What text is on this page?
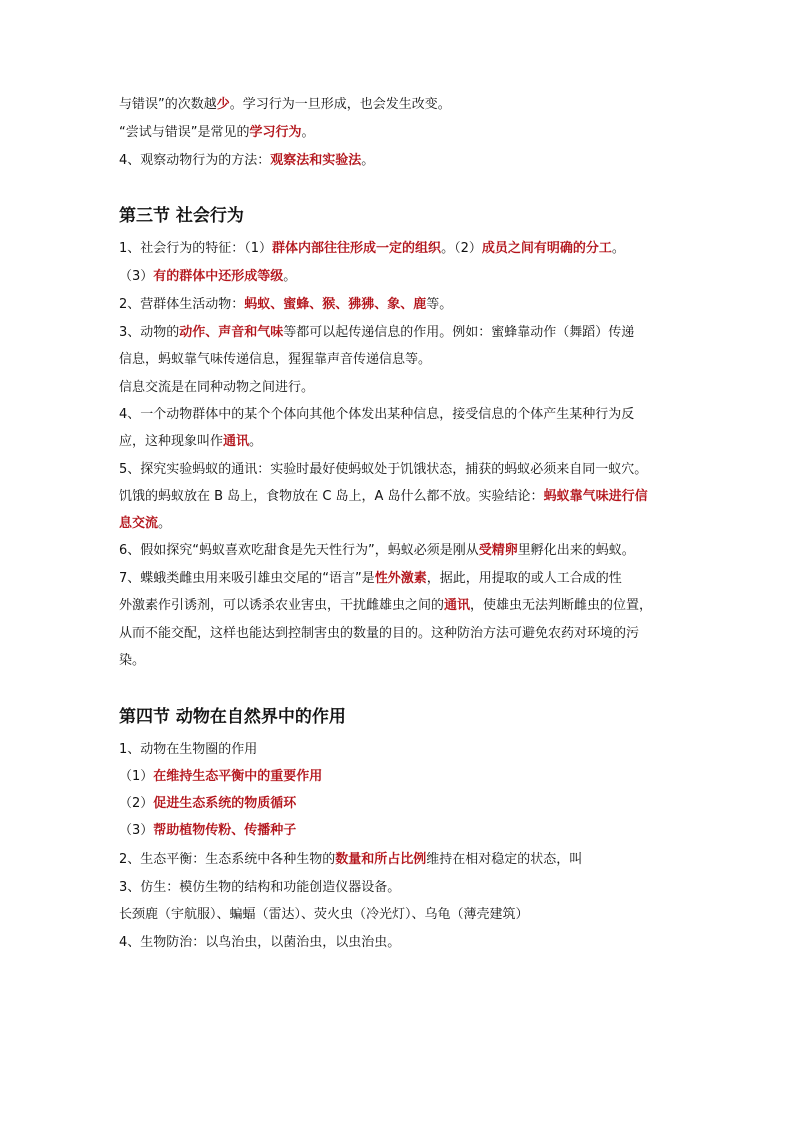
与错误”的次数越少。学习行为一旦形成，也会发生改变。
“尝试与错误”是常见的学习行为。
4、观察动物行为的方法：观察法和实验法。
第三节 社会行为
1、社会行为的特征：（1）群体内部往往形成一定的组织。（2）成员之间有明确的分工。
（3）有的群体中还形成等级。
2、营群体生活动物：蚂蚁、蜜蜂、猴、狒狒、象、鹿等。
3、动物的动作、声音和气味等都可以起传递信息的作用。例如：蜜蜂靠动作（舞蹈）传递
信息，蚂蚁靠气味传递信息，猩猩靠声音传递信息等。
信息交流是在同种动物之间进行。
4、一个动物群体中的某个个体向其他个体发出某种信息，接受信息的个体产生某种行为反
应，这种现象叫作通讯。
5、探究实验蚂蚁的通讯：实验时最好使蚂蚁处于饥饿状态，捕获的蚂蚁必须来自同一蚁穴。
饥饿的蚂蚁放在 B 岛上，食物放在 C 岛上，A 岛什么都不放。实验结论：蚂蚁靠气味进行信
息交流。
6、假如探究“蚂蚁喜欢吃甜食是先天性行为”，蚂蚁必须是刚从受精卵里孵化出来的蚂蚁。
7、蝶蛾类雌虫用来吸引雄虫交尾的“语言”是性外激素，据此，用提取的或人工合成的性
外激素作引诱剂，可以诱杀农业害虫，干扰雌雄虫之间的通讯，使雄虫无法判断雌虫的位置，
从而不能交配，这样也能达到控制害虫的数量的目的。这种防治方法可避免农药对环境的污
染。
第四节 动物在自然界中的作用
1、动物在生物圈的作用
（1）在维持生态平衡中的重要作用
（2）促进生态系统的物质循环
（3）帮助植物传粉、传播种子
2、生态平衡：生态系统中各种生物的数量和所占比例维持在相对稳定的状态，叫
3、仿生：模仿生物的结构和功能创造仪器设备。
长颈鹿（宇航服）、蝙蝠（雷达）、荧火虫（冷光灯）、乌龟（薄壳建筑）
4、生物防治：以鸟治虫，以菌治虫，以虫治虫。
